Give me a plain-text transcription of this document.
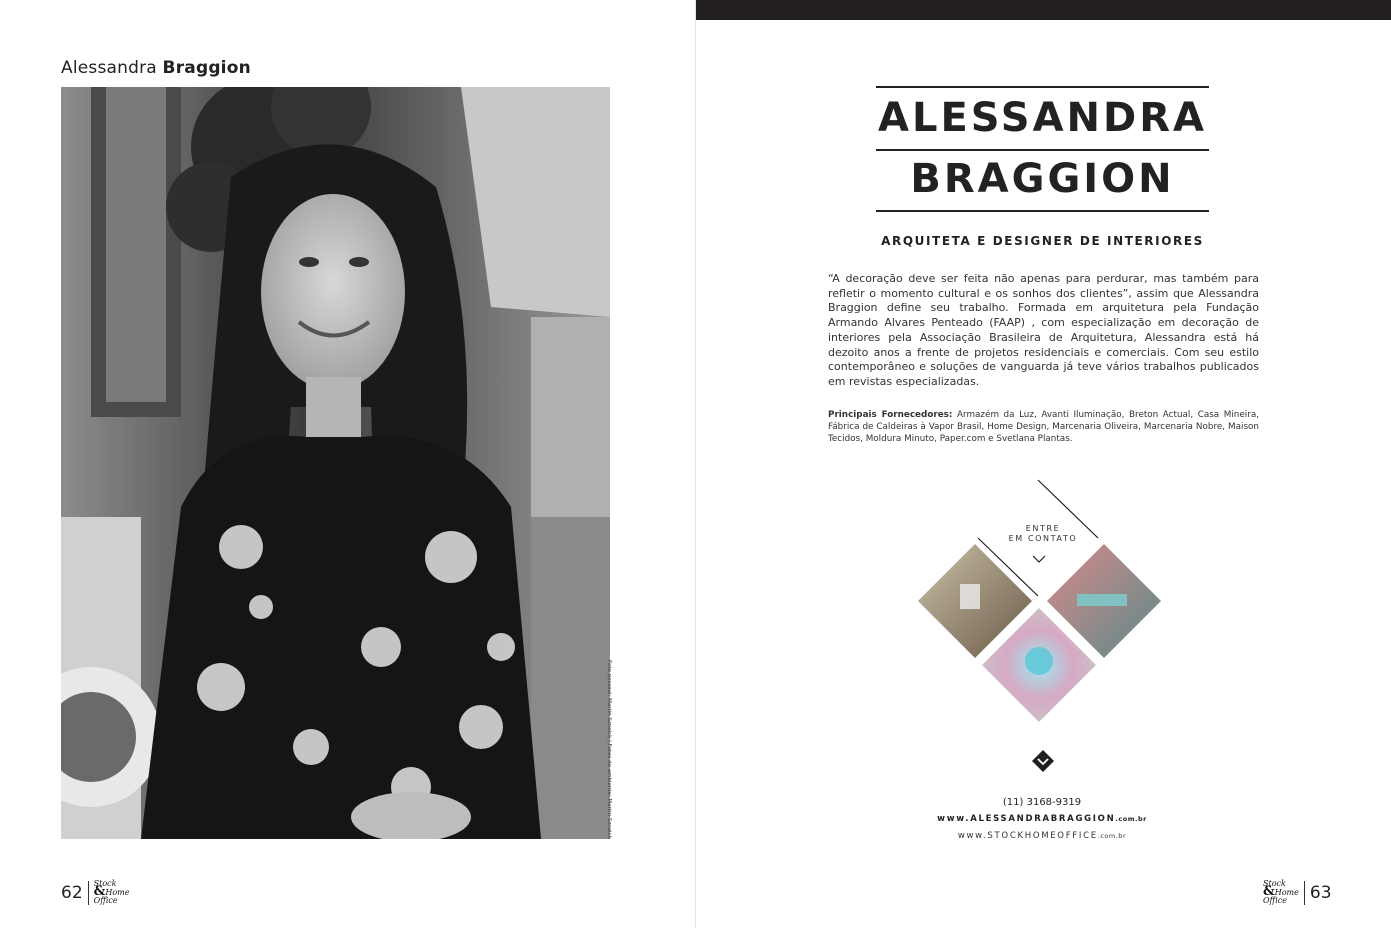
Alessandra Braggion
Foto pessoal: Martin Sznolck | Fotos de ambiente: Martin Sznolck
62 Stock
&Home
Office
ALESSANDRA
BRAGGION
ARQUITETA E DESIGNER DE INTERIORES
“A decoração deve ser feita não apenas para perdurar, mas também para refletir o momento cultural e os sonhos dos clientes”, assim que Alessandra Braggion define seu trabalho. Formada em arquitetura pela Fundação Armando Alvares Penteado (FAAP) , com especialização em decoração de interiores pela Associação Brasileira de Arquitetura, Alessandra está há dezoito anos a frente de projetos residenciais e comerciais. Com seu estilo contemporâneo e soluções de vanguarda já teve vários trabalhos publicados em revistas especializadas.
Principais Fornecedores: Armazém da Luz, Avanti Iluminação, Breton Actual, Casa Mineira, Fábrica de Caldeiras à Vapor Brasil, Home Design, Marcenaria Oliveira, Marcenaria Nobre, Maison Tecidos, Moldura Minuto, Paper.com e Svetlana Plantas.
ENTRE
EM CONTATO
(11) 3168-9319
www.ALESSANDRABRAGGION.com.br
www.STOCKHOMEOFFICE.com.br
Stock
&Home
Office	63
